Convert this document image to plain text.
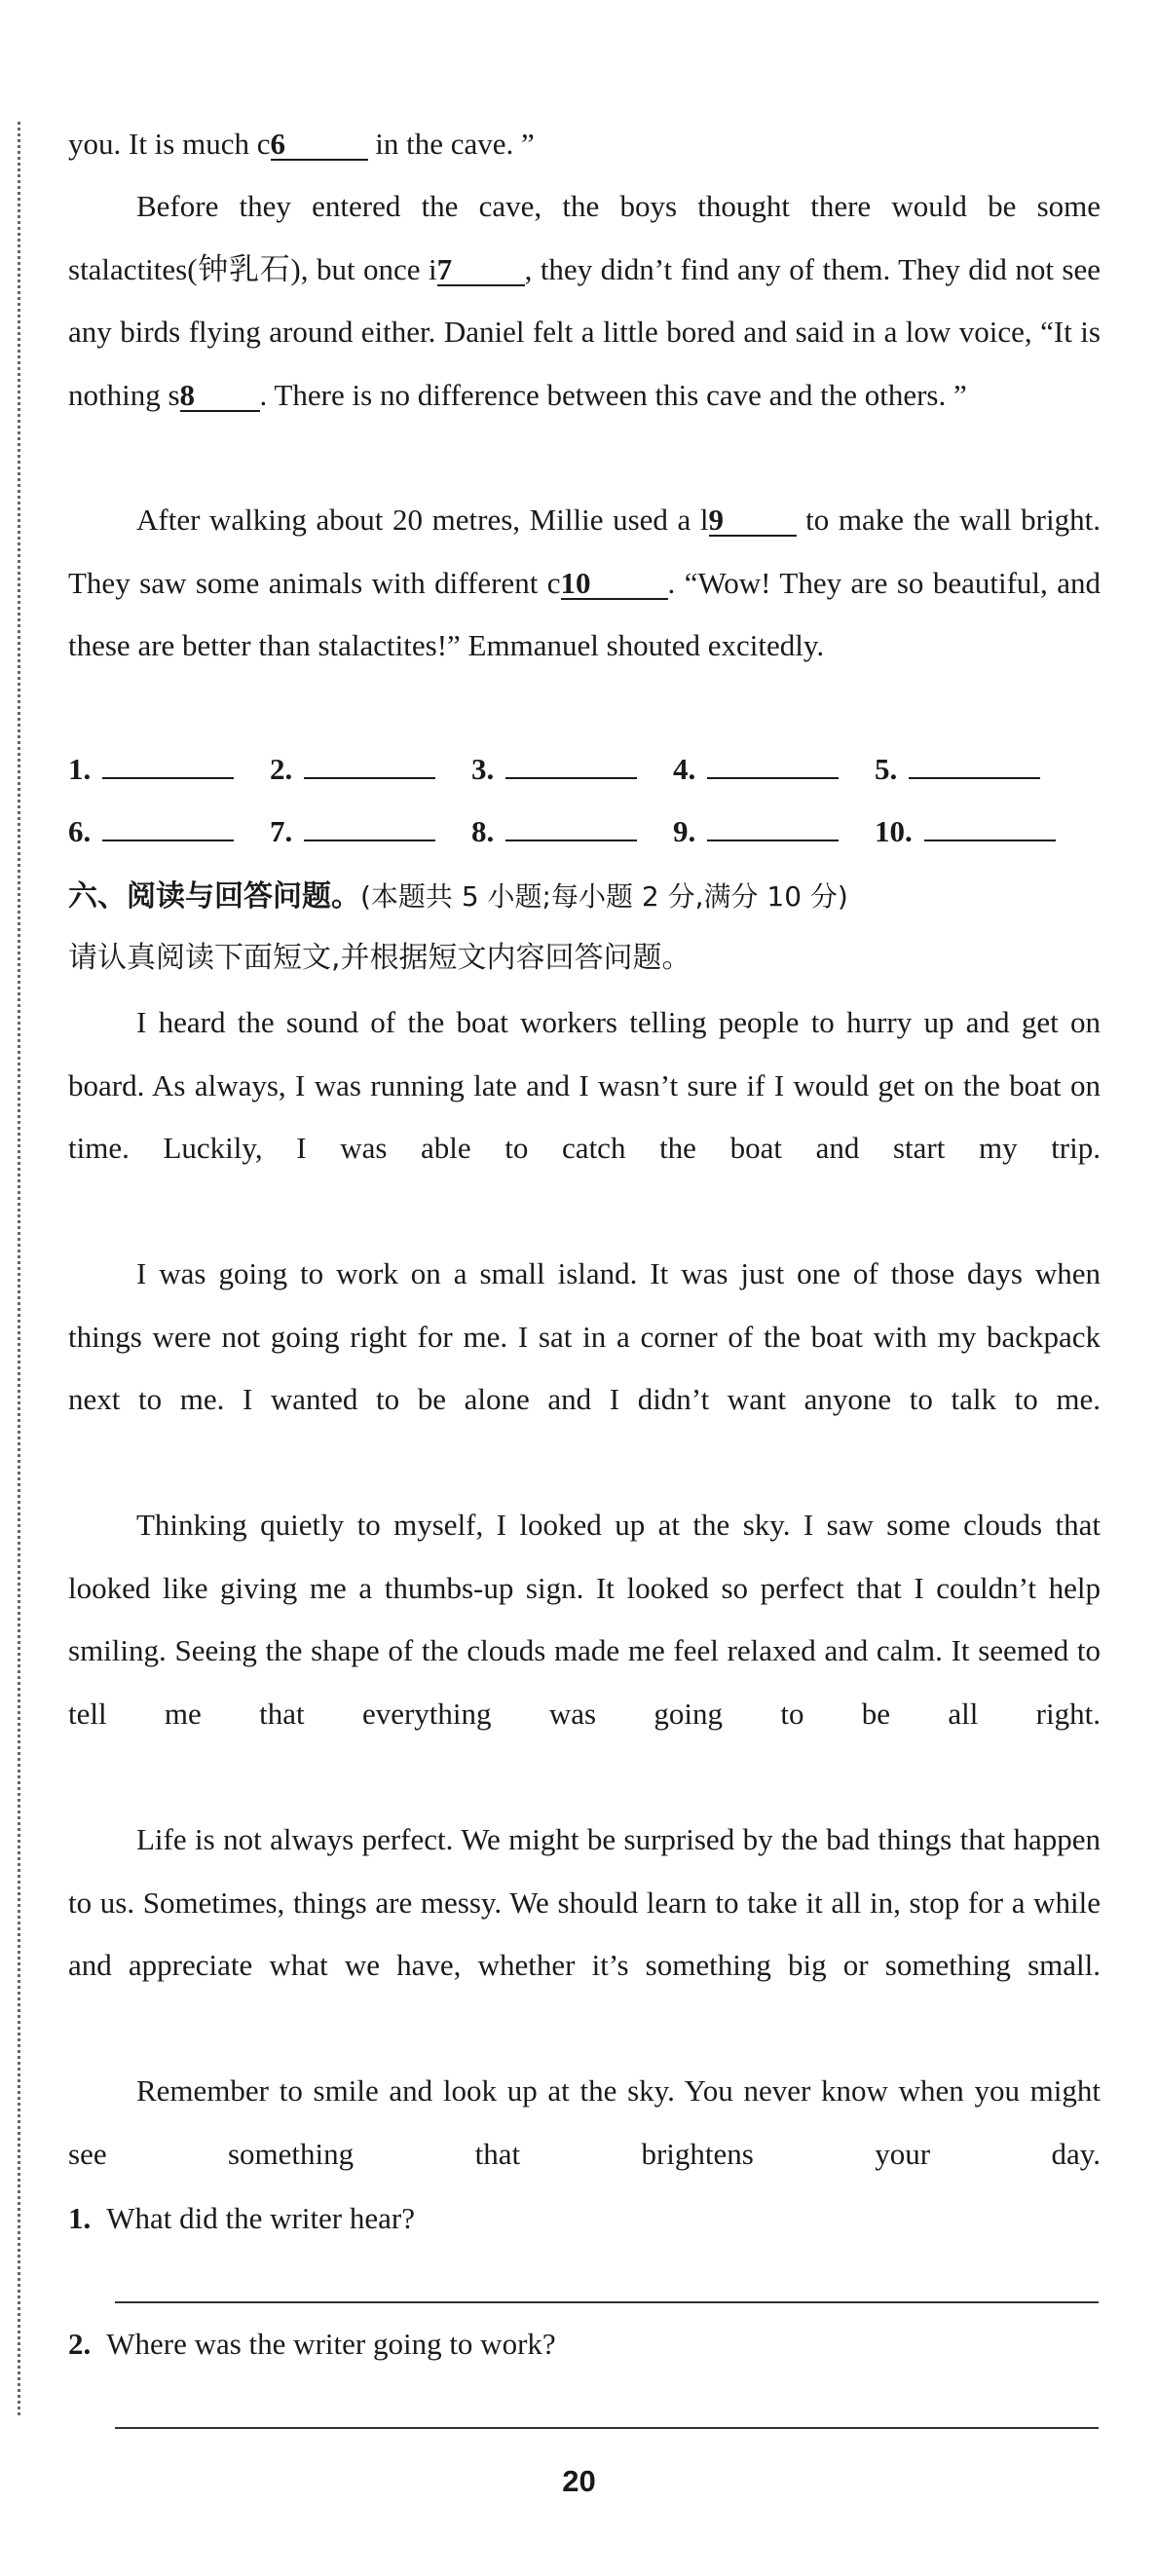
you. It is much c6	in the cave. ”

Before they entered the cave, the boys thought there would be some stalactites(钟乳石), but once i7 , they didn’t find any of them. They did not see any birds flying around either. Daniel felt a little bored and said in a low voice, “It is nothing s8 . There is no difference between this cave and the others. ”

After walking about 20 metres, Millie used a l9 to make the wall bright. They saw some animals with different c10	. “Wow! They are so beautiful, and these are better than stalactites!” Emmanuel shouted excitedly.

1.	2.	3.	4.	5.
6.	7.	8.	9.	10.

六、阅读与回答问题。(本题共 5 小题;每小题 2 分,满分 10 分)

请认真阅读下面短文,并根据短文内容回答问题。

I heard the sound of the boat workers telling people to hurry up and get on board. As always, I was running late and I wasn’t sure if I would get on the boat on time. Luckily, I was able to catch the boat and start my trip.

I was going to work on a small island. It was just one of those days when things were not going right for me. I sat in a corner of the boat with my backpack next to me. I wanted to be alone and I didn’t want anyone to talk to me.

Thinking quietly to myself, I looked up at the sky. I saw some clouds that looked like giving me a thumbs-up sign. It looked so perfect that I couldn’t help smiling. Seeing the shape of the clouds made me feel relaxed and calm. It seemed to tell me that everything was going to be all right.

Life is not always perfect. We might be surprised by the bad things that happen to us. Sometimes, things are messy. We should learn to take it all in, stop for a while and appreciate what we have, whether it’s something big or something small.

Remember to smile and look up at the sky. You never know when you might see something that brightens your day.

1. What did the writer hear?

2. Where was the writer going to work?

20
